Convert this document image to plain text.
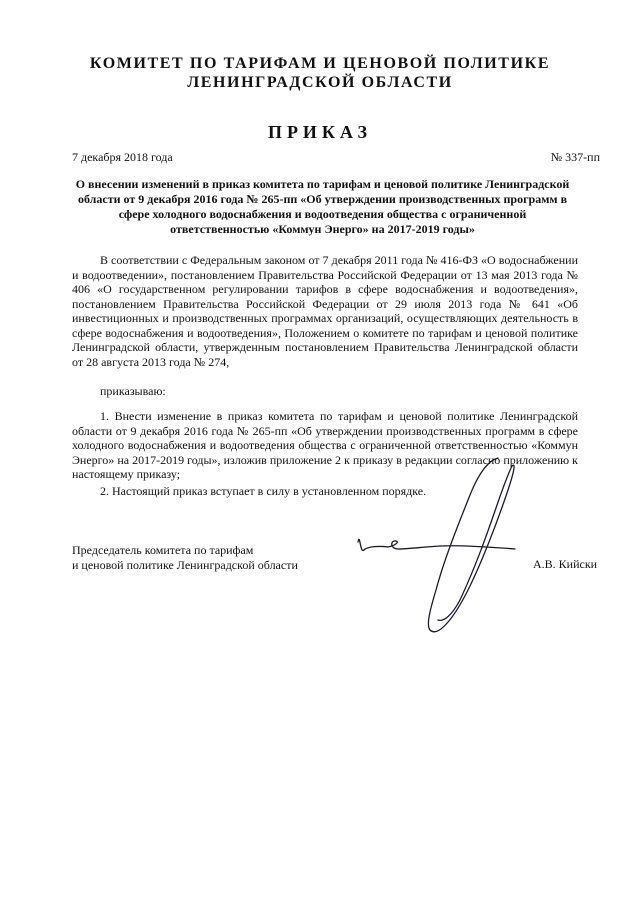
КОМИТЕТ ПО ТАРИФАМ И ЦЕНОВОЙ ПОЛИТИКЕ
ЛЕНИНГРАДСКОЙ ОБЛАСТИ
ПРИКАЗ
7 декабря 2018 года	№ 337-пп
О внесении изменений в приказ комитета по тарифам и ценовой политике Ленинградской области от 9 декабря 2016 года № 265-пп «Об утверждении производственных программ в сфере холодного водоснабжения и водоотведения общества с ограниченной ответственностью «Коммун Энерго» на 2017-2019 годы»
В соответствии с Федеральным законом от 7 декабря 2011 года № 416-ФЗ «О водоснабжении и водоотведении», постановлением Правительства Российской Федерации от 13 мая 2013 года № 406 «О государственном регулировании тарифов в сфере водоснабжения и водоотведения», постановлением Правительства Российской Федерации от 29 июля 2013 года № 641 «Об инвестиционных и производственных программах организаций, осуществляющих деятельность в сфере водоснабжения и водоотведения», Положением о комитете по тарифам и ценовой политике Ленинградской области, утвержденным постановлением Правительства Ленинградской области от 28 августа 2013 года № 274,
приказываю:
1. Внести изменение в приказ комитета по тарифам и ценовой политике Ленинградской области от 9 декабря 2016 года № 265-пп «Об утверждении производственных программ в сфере холодного водоснабжения и водоотведения общества с ограниченной ответственностью «Коммун Энерго» на 2017-2019 годы», изложив приложение 2 к приказу в редакции согласно приложению к настоящему приказу;
2. Настоящий приказ вступает в силу в установленном порядке.
Председатель комитета по тарифам
и ценовой политике Ленинградской области	А.В. Кийски
